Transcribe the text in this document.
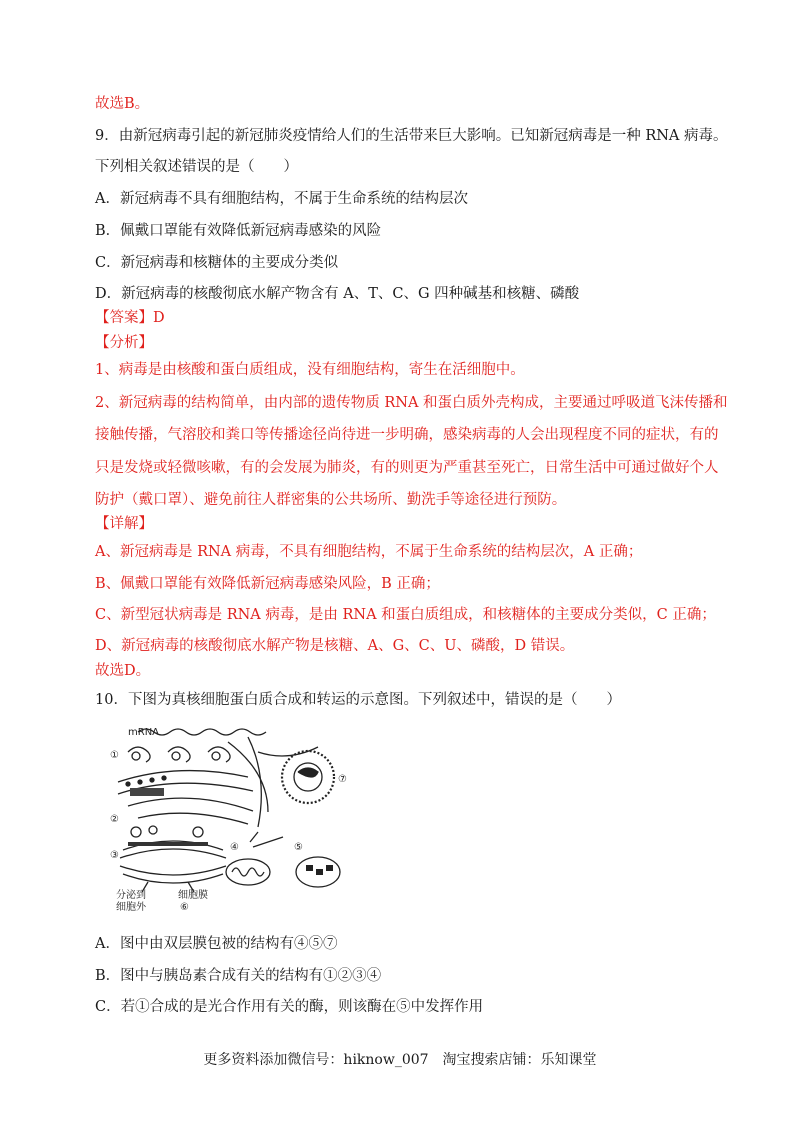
故选B。
9．由新冠病毒引起的新冠肺炎疫情给人们的生活带来巨大影响。已知新冠病毒是一种 RNA 病毒。
下列相关叙述错误的是（　　）
A．新冠病毒不具有细胞结构，不属于生命系统的结构层次
B．佩戴口罩能有效降低新冠病毒感染的风险
C．新冠病毒和核糖体的主要成分类似
D．新冠病毒的核酸彻底水解产物含有 A、T、C、G 四种碱基和核糖、磷酸
【答案】D
【分析】
1、病毒是由核酸和蛋白质组成，没有细胞结构，寄生在活细胞中。
2、新冠病毒的结构简单，由内部的遗传物质 RNA 和蛋白质外壳构成，主要通过呼吸道飞沫传播和
接触传播，气溶胶和粪口等传播途径尚待进一步明确，感染病毒的人会出现程度不同的症状，有的
只是发烧或轻微咳嗽，有的会发展为肺炎，有的则更为严重甚至死亡，日常生活中可通过做好个人
防护（戴口罩）、避免前往人群密集的公共场所、勤洗手等途径进行预防。
【详解】
A、新冠病毒是 RNA 病毒，不具有细胞结构，不属于生命系统的结构层次，A 正确；
B、佩戴口罩能有效降低新冠病毒感染风险，B 正确；
C、新型冠状病毒是 RNA 病毒，是由 RNA 和蛋白质组成，和核糖体的主要成分类似，C 正确；
D、新冠病毒的核酸彻底水解产物是核糖、A、G、C、U、磷酸，D 错误。
故选D。
10．下图为真核细胞蛋白质合成和转运的示意图。下列叙述中，错误的是（　　）
mRNA
①
②
③
④	⑤
⑥
⑦
分泌到
细胞外
细胞膜
A．图中由双层膜包被的结构有④⑤⑦
B．图中与胰岛素合成有关的结构有①②③④
C．若①合成的是光合作用有关的酶，则该酶在⑤中发挥作用
更多资料添加微信号：hiknow_007　淘宝搜索店铺：乐知课堂
